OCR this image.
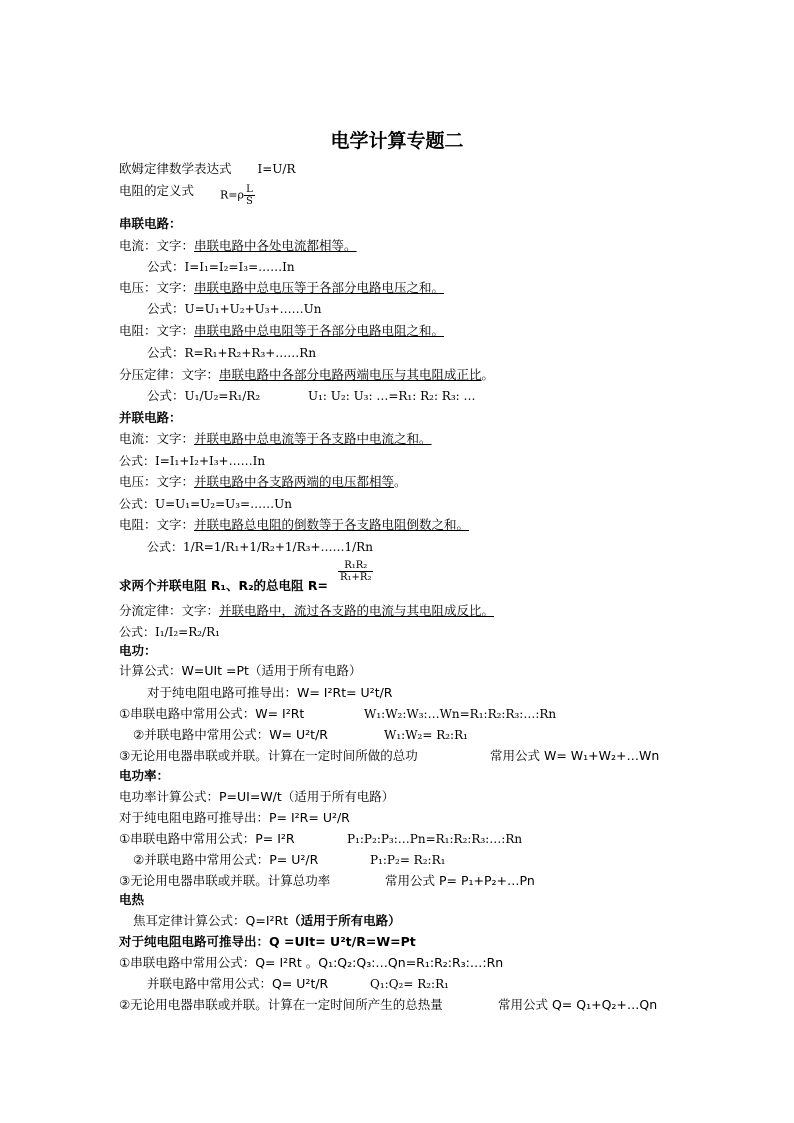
电学计算专题二
欧姆定律数学表达式 I=U/R
电阻的定义式 $R=\rho \frac{L}{S}$
串联电路：
电流：文字：串联电路中各处电流都相等。
公式：I=I₁=I₂=I₃=……In
电压：文字：串联电路中总电压等于各部分电路电压之和。
公式：U=U₁+U₂+U₃+……Un
电阻：文字：串联电路中总电阻等于各部分电路电阻之和。
公式：R=R₁+R₂+R₃+……Rn
分压定律：文字：串联电路中各部分电路两端电压与其电阻成正比。
公式：U₁/U₂=R₁/R₂	U₁: U₂: U₃: …=R₁: R₂: R₃: …
并联电路：
电流：文字：并联电路中总电流等于各支路中电流之和。
公式：I=I₁+I₂+I₃+……In
电压：文字：并联电路中各支路两端的电压都相等。
公式：U=U₁=U₂=U₃=……Un
电阻：文字：并联电路总电阻的倒数等于各支路电阻倒数之和。
公式：1/R=1/R₁+1/R₂+1/R₃+……1/Rn
求两个并联电阻 R₁、R₂的总电阻 R=
$\frac{\text{R₁R₂}}{\text{R₁+R₂}}$
分流定律：文字：并联电路中，流过各支路的电流与其电阻成反比。
公式：I₁/I₂=R₂/R₁
电功：
计算公式：W=UIt =Pt（适用于所有电路）
对于纯电阻电路可推导出：W= I²Rt= U²t/R
①串联电路中常用公式：W= I²Rt	W₁:W₂:W₃:…Wn=R₁:R₂:R₃:…:Rn
②并联电路中常用公式：W= U²t/R	W₁:W₂= R₂:R₁
③无论用电器串联或并联。计算在一定时间所做的总功	常用公式 W= W₁+W₂+…Wn
电功率：
电功率计算公式：P=UI=W/t（适用于所有电路）
对于纯电阻电路可推导出：P= I²R= U²/R
①串联电路中常用公式：P= I²R	P₁:P₂:P₃:…Pn=R₁:R₂:R₃:…:Rn
②并联电路中常用公式：P= U²/R	P₁:P₂= R₂:R₁
③无论用电器串联或并联。计算总功率	常用公式 P= P₁+P₂+…Pn
电热
焦耳定律计算公式：Q=I²Rt（适用于所有电路）
对于纯电阻电路可推导出：Q =UIt= U²t/R=W=Pt
①串联电路中常用公式：Q= I²Rt 。Q₁:Q₂:Q₃:…Qn=R₁:R₂:R₃:…:Rn
并联电路中常用公式：Q= U²t/R	Q₁:Q₂= R₂:R₁
②无论用电器串联或并联。计算在一定时间所产生的总热量	常用公式 Q= Q₁+Q₂+…Qn
